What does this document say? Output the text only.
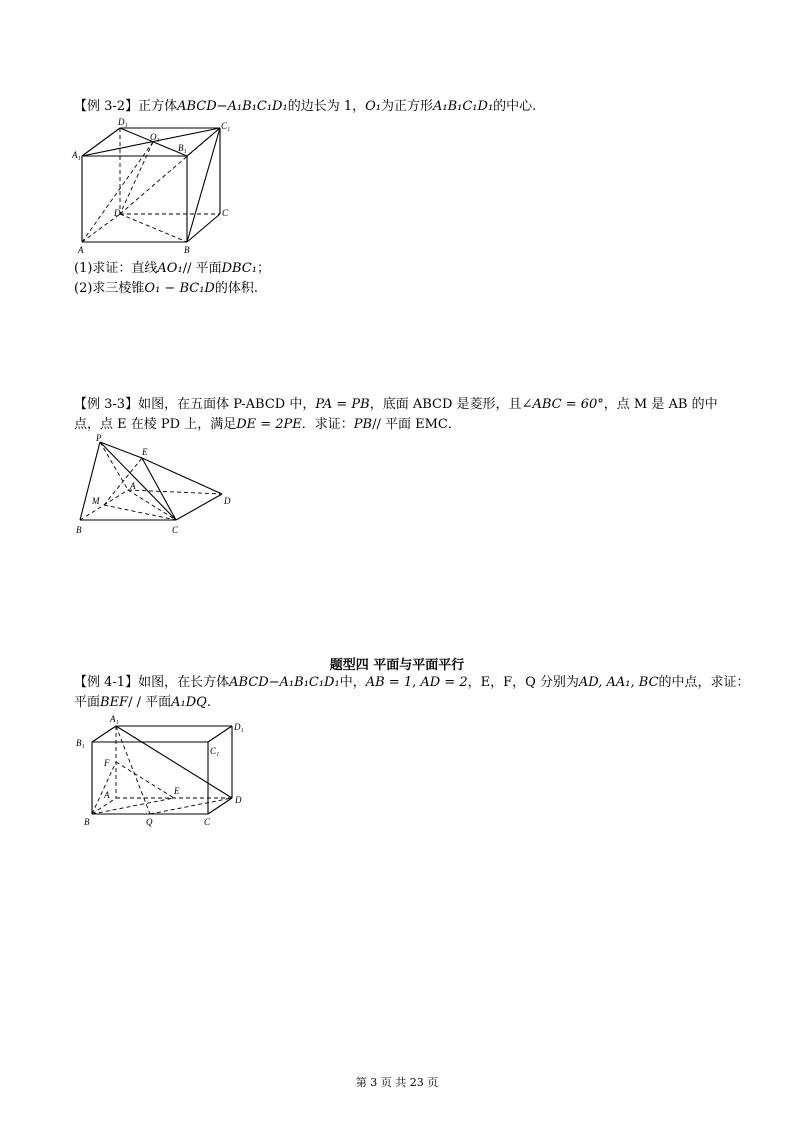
【例 3-2】正方体ABCD−A₁B₁C₁D₁的边长为 1，O₁为正方形A₁B₁C₁D₁的中心.
D₁
O₁
C₁
A₁
B₁
D	C
A	B
(1)求证：直线AO₁// 平面DBC₁；
(2)求三棱锥O₁ − BC₁D的体积.
【例 3-3】如图，在五面体 P-ABCD 中，PA = PB，底面 ABCD 是菱形，且∠ABC = 60°，点 M 是 AB 的中
点，点 E 在棱 PD 上，满足DE = 2PE．求证：PB// 平面 EMC．
P
E
A
M	D
B	C
题型四 平面与平面平行
【例 4-1】如图，在长方体ABCD−A₁B₁C₁D₁中，AB = 1, AD = 2，E，F，Q 分别为AD, AA₁, BC的中点，求证：
平面BEF/ / 平面A₁DQ.
A₁
D₁
B₁
C₁
F
A	E
D
B	Q	C
第 3 页 共 23 页
